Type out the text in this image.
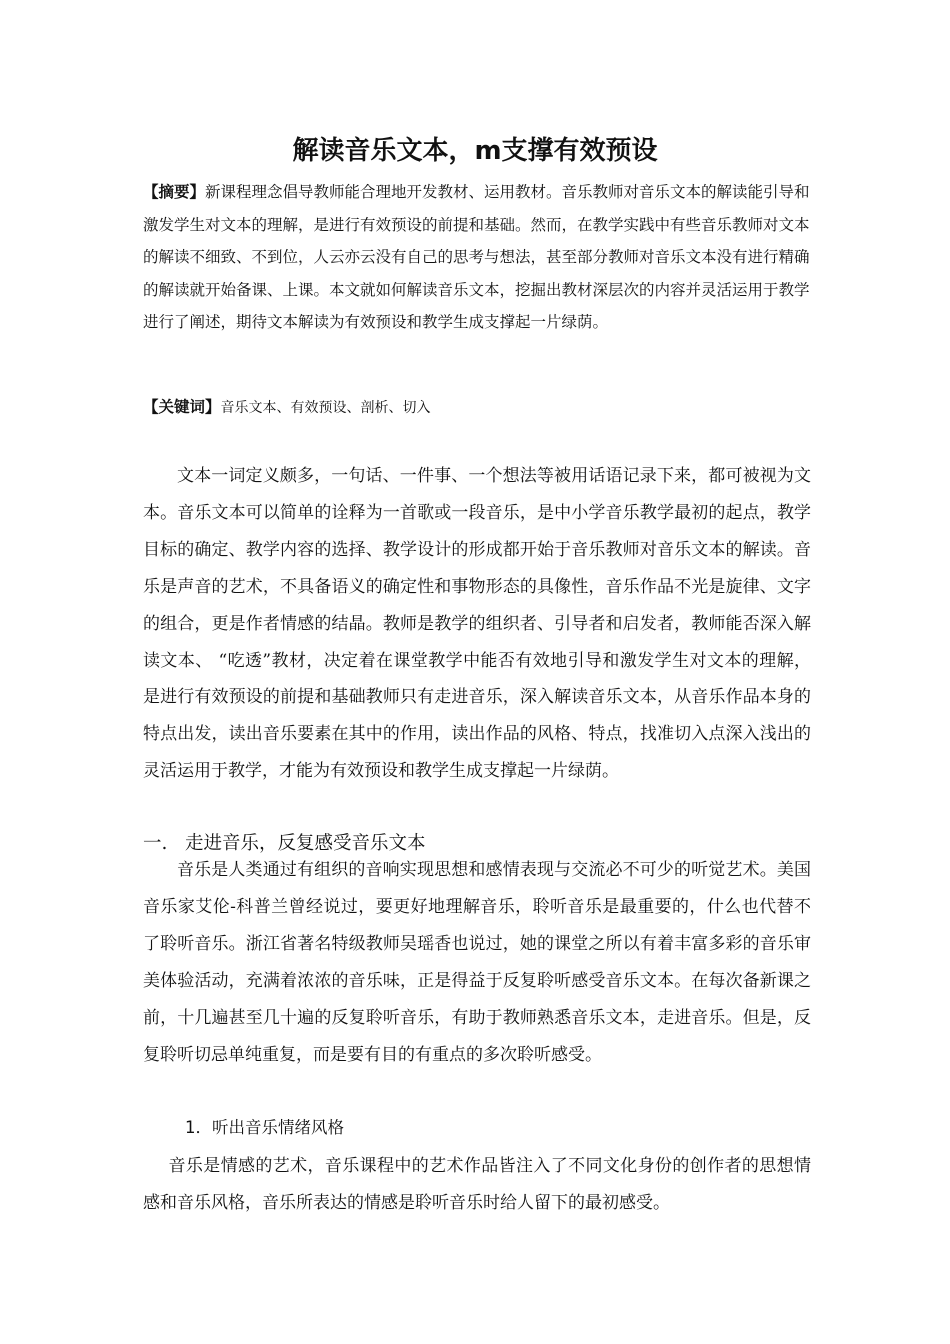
解读音乐文本，m支撑有效预设
【摘要】新课程理念倡导教师能合理地开发教材、运用教材。音乐教师对音乐文本的解读能引导和激发学生对文本的理解，是进行有效预设的前提和基础。然而，在教学实践中有些音乐教师对文本的解读不细致、不到位，人云亦云没有自己的思考与想法，甚至部分教师对音乐文本没有进行精确的解读就开始备课、上课。本文就如何解读音乐文本，挖掘出教材深层次的内容并灵活运用于教学进行了阐述，期待文本解读为有效预设和教学生成支撑起一片绿荫。
【关键词】音乐文本、有效预设、剖析、切入
文本一词定义颇多，一句话、一件事、一个想法等被用话语记录下来，都可被视为文本。音乐文本可以简单的诠释为一首歌或一段音乐，是中小学音乐教学最初的起点，教学目标的确定、教学内容的选择、教学设计的形成都开始于音乐教师对音乐文本的解读。音乐是声音的艺术，不具备语义的确定性和事物形态的具像性，音乐作品不光是旋律、文字的组合，更是作者情感的结晶。教师是教学的组织者、引导者和启发者，教师能否深入解读文本、 “吃透”教材，决定着在课堂教学中能否有效地引导和激发学生对文本的理解，是进行有效预设的前提和基础教师只有走进音乐，深入解读音乐文本，从音乐作品本身的特点出发，读出音乐要素在其中的作用，读出作品的风格、特点，找准切入点深入浅出的灵活运用于教学，才能为有效预设和教学生成支撑起一片绿荫。
一.   走进音乐，反复感受音乐文本
音乐是人类通过有组织的音响实现思想和感情表现与交流必不可少的听觉艺术。美国音乐家艾伦-科普兰曾经说过，要更好地理解音乐，聆听音乐是最重要的，什么也代替不了聆听音乐。浙江省著名特级教师吴瑶香也说过，她的课堂之所以有着丰富多彩的音乐审美体验活动，充满着浓浓的音乐味，正是得益于反复聆听感受音乐文本。在每次备新课之前，十几遍甚至几十遍的反复聆听音乐，有助于教师熟悉音乐文本，走进音乐。但是，反复聆听切忌单纯重复，而是要有目的有重点的多次聆听感受。
1．听出音乐情绪风格
音乐是情感的艺术，音乐课程中的艺术作品皆注入了不同文化身份的创作者的思想情感和音乐风格，音乐所表达的情感是聆听音乐时给人留下的最初感受。
